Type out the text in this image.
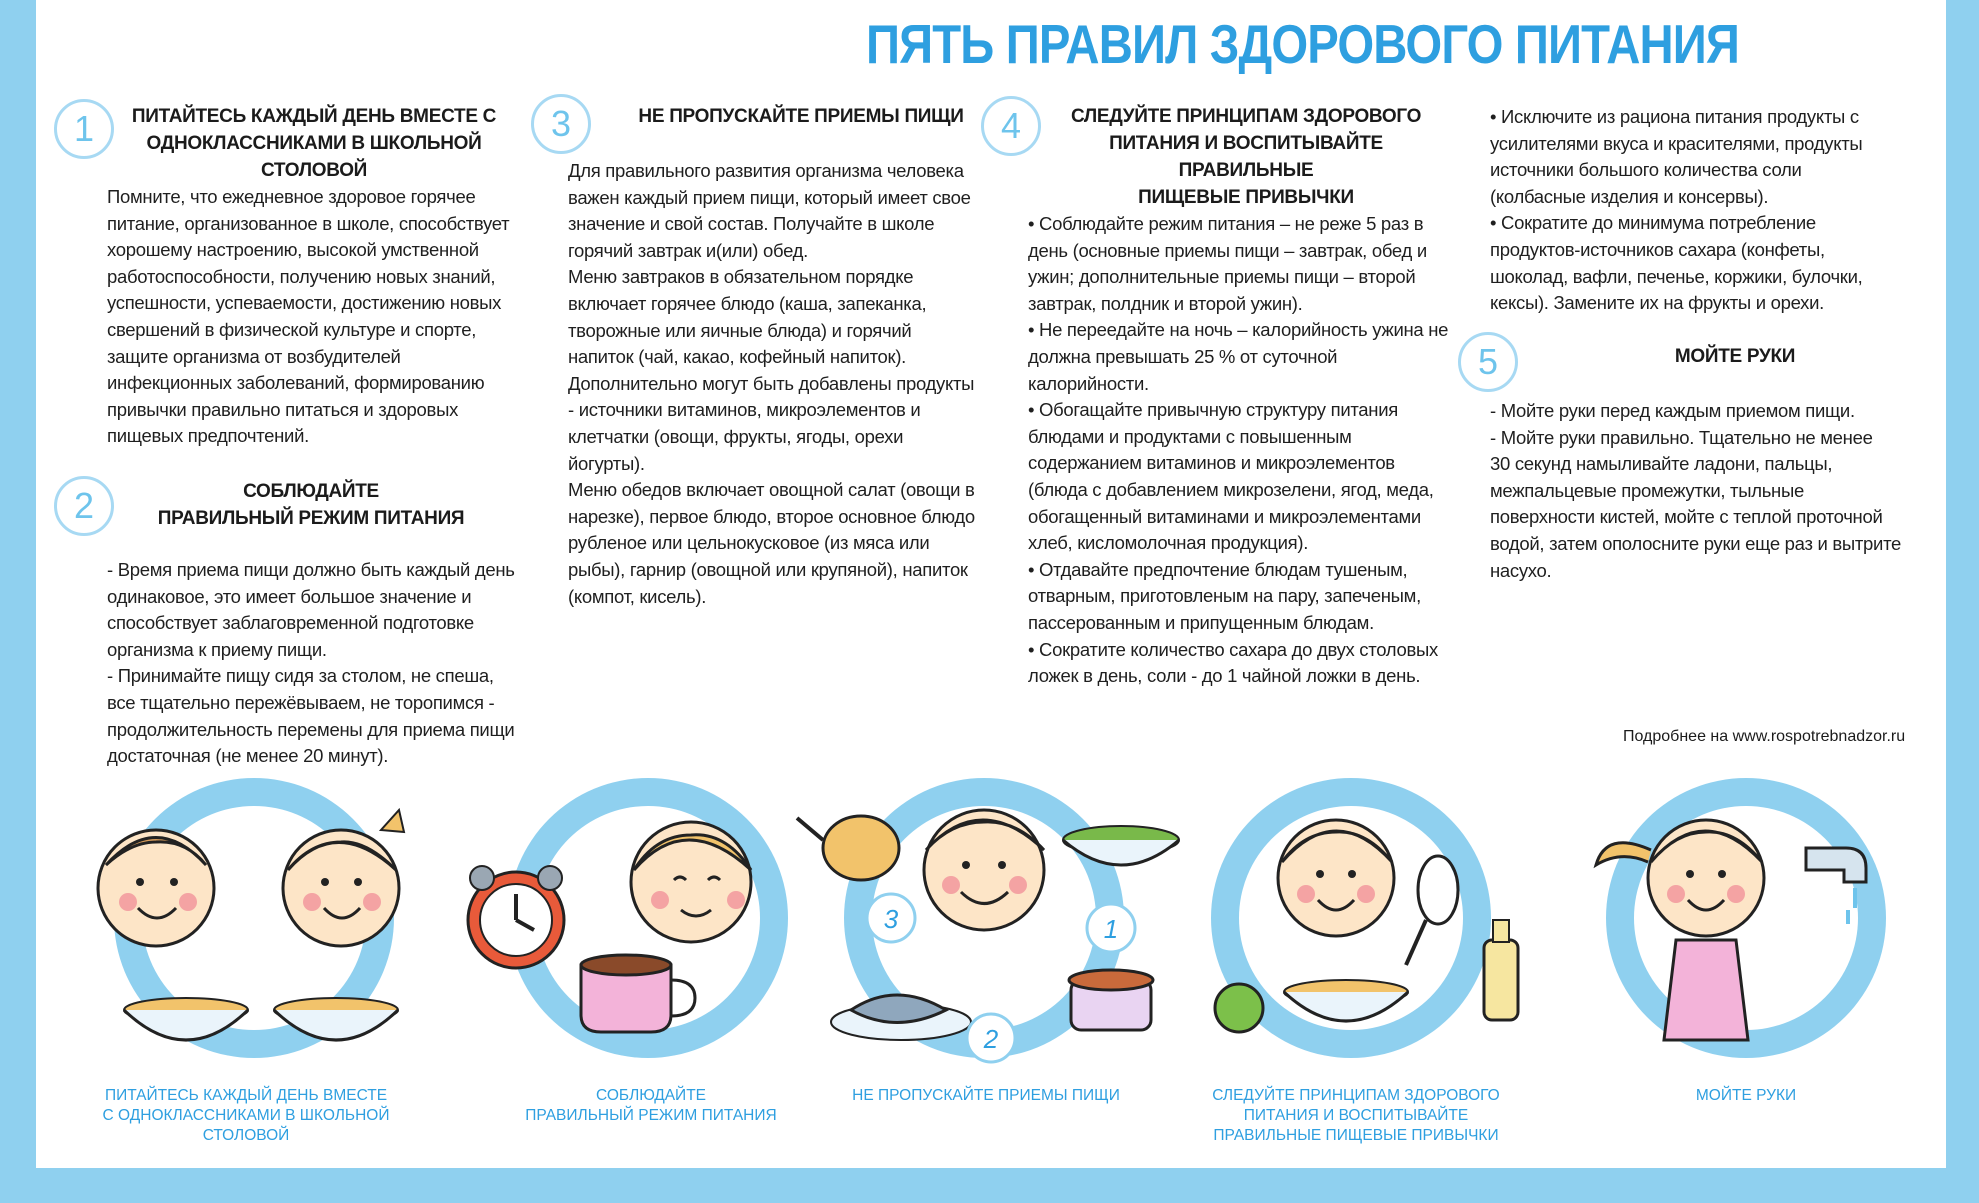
ПЯТЬ ПРАВИЛ ЗДОРОВОГО ПИТАНИЯ
1	ПИТАЙТЕСЬ КАЖДЫЙ ДЕНЬ ВМЕСТЕ С
ОДНОКЛАССНИКАМИ В ШКОЛЬНОЙ СТОЛОВОЙ
Помните, что ежедневное здоровое горячее
питание, организованное в школе, способствует
хорошему настроению, высокой умственной
работоспособности, получению новых знаний,
успешности, успеваемости, достижению новых
свершений в физической культуре и спорте,
защите организма от возбудителей
инфекционных заболеваний, формированию
привычки правильно питаться и здоровых
пищевых предпочтений.
2	СОБЛЮДАЙТЕ
ПРАВИЛЬНЫЙ РЕЖИМ ПИТАНИЯ
- Время приема пищи должно быть каждый день
одинаковое, это имеет большое значение и
способствует заблаговременной подготовке
организма к приему пищи.
- Принимайте пищу сидя за столом, не спеша,
все тщательно пережёвываем, не торопимся -
продолжительность перемены для приема пищи
достаточная (не менее 20 минут).
3	НЕ ПРОПУСКАЙТЕ ПРИЕМЫ ПИЩИ
Для правильного развития организма человека
важен каждый прием пищи, который имеет свое
значение и свой состав. Получайте в школе
горячий завтрак и(или) обед.
Меню завтраков в обязательном порядке
включает горячее блюдо (каша, запеканка,
творожные или яичные блюда) и горячий
напиток (чай, какао, кофейный напиток).
Дополнительно могут быть добавлены продукты
- источники витаминов, микроэлементов и
клетчатки (овощи, фрукты, ягоды, орехи
йогурты).
Меню обедов включает овощной салат (овощи в
нарезке), первое блюдо, второе основное блюдо
рубленое или цельнокусковое (из мяса или
рыбы), гарнир (овощной или крупяной), напиток
(компот, кисель).
4	СЛЕДУЙТЕ ПРИНЦИПАМ ЗДОРОВОГО
ПИТАНИЯ И ВОСПИТЫВАЙТЕ ПРАВИЛЬНЫЕ
ПИЩЕВЫЕ ПРИВЫЧКИ
• Соблюдайте режим питания – не реже 5 раз в
день (основные приемы пищи – завтрак, обед и
ужин; дополнительные приемы пищи – второй
завтрак, полдник и второй ужин).
• Не переедайте на ночь – калорийность ужина не
должна превышать 25 % от суточной
калорийности.
• Обогащайте привычную структуру питания
блюдами и продуктами с повышенным
содержанием витаминов и микроэлементов
(блюда с добавлением микрозелени, ягод, меда,
обогащенный витаминами и микроэлементами
хлеб, кисломолочная продукция).
• Отдавайте предпочтение блюдам тушеным,
отварным, приготовленым на пару, запеченым,
пассерованным и припущенным блюдам.
• Сократите количество сахара до двух столовых
ложек в день, соли - до 1 чайной ложки в день.
• Исключите из рациона питания продукты с
усилителями вкуса и красителями, продукты
источники большого количества соли
(колбасные изделия и консервы).
• Сократите до минимума потребление
продуктов-источников сахара (конфеты,
шоколад, вафли, печенье, коржики, булочки,
кексы). Замените их на фрукты и орехи.
5	МОЙТЕ РУКИ
- Мойте руки перед каждым приемом пищи.
- Мойте руки правильно. Тщательно не менее
30 секунд намыливайте ладони, пальцы,
межпальцевые промежутки, тыльные
поверхности кистей, мойте с теплой проточной
водой, затем ополосните руки еще раз и вытрите
насухо.
Подробнее на www.rospotrebnadzor.ru
3	1
2
ПИТАЙТЕСЬ КАЖДЫЙ ДЕНЬ ВМЕСТЕ
С ОДНОКЛАССНИКАМИ В ШКОЛЬНОЙ
СТОЛОВОЙ
СОБЛЮДАЙТЕ
ПРАВИЛЬНЫЙ РЕЖИМ ПИТАНИЯ
НЕ ПРОПУСКАЙТЕ ПРИЕМЫ ПИЩИ	СЛЕДУЙТЕ ПРИНЦИПАМ ЗДОРОВОГО
ПИТАНИЯ И ВОСПИТЫВАЙТЕ
ПРАВИЛЬНЫЕ ПИЩЕВЫЕ ПРИВЫЧКИ
МОЙТЕ РУКИ
